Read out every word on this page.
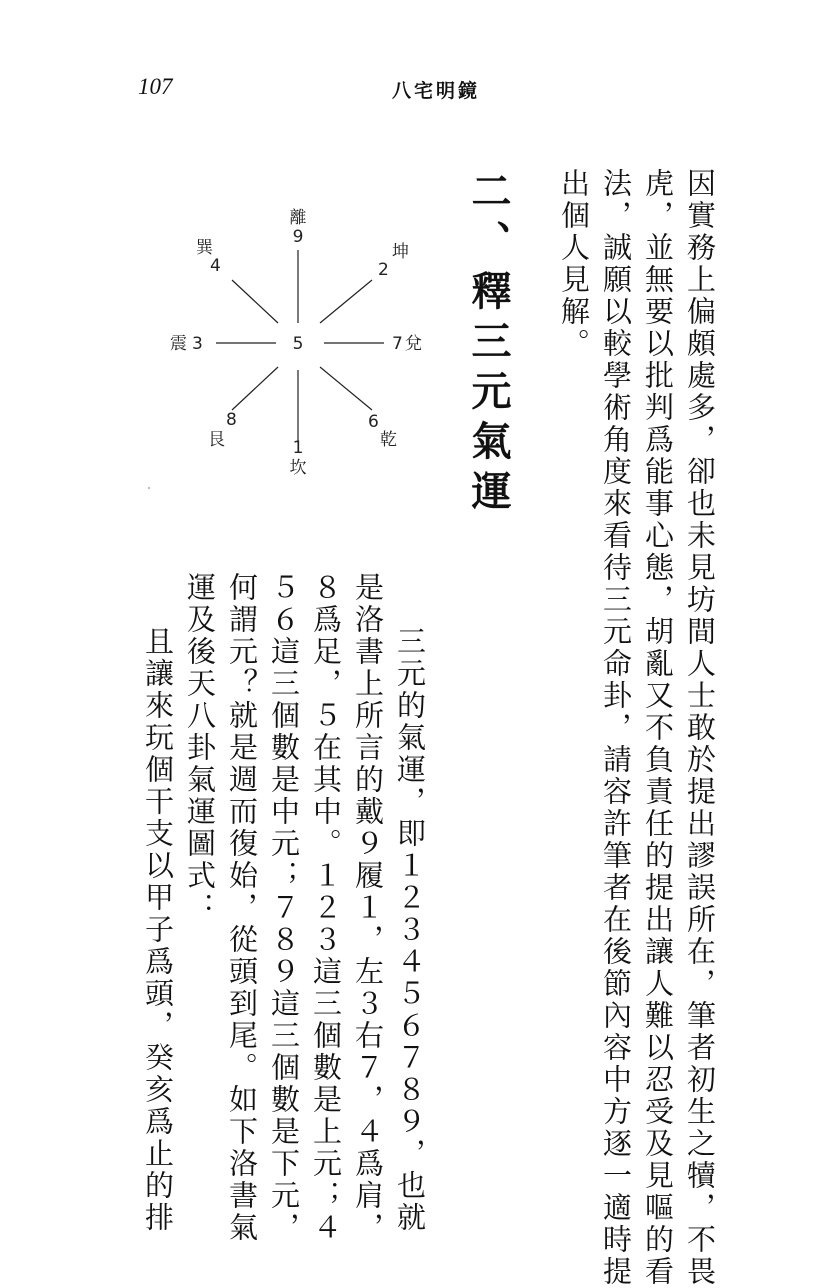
107	八宅明鏡
因實務上偏頗處多，卻也未見坊間人士敢於提出謬誤所在，筆者初生之犢，不畏
虎，並無要以批判爲能事心態，胡亂又不負責任的提出讓人難以忍受及見嘔的看
法，誠願以較學術角度來看待三元命卦，請容許筆者在後節內容中方逐一適時提
出個人見解。
二、釋三元氣運
5
離
9
坤
2
7 兌
6
乾
1
坎
8
艮
震 3
巽
4
三元的氣運，即１２３４５６７８９，也就
是洛書上所言的戴９履１，左３右７，４爲肩，
８爲足，５在其中。１２３這三個數是上元；４
５６這三個數是中元；７８９這三個數是下元，
何謂元？就是週而復始，從頭到尾。如下洛書氣
運及後天八卦氣運圖式：
且讓來玩個干支以甲子爲頭，癸亥爲止的排
